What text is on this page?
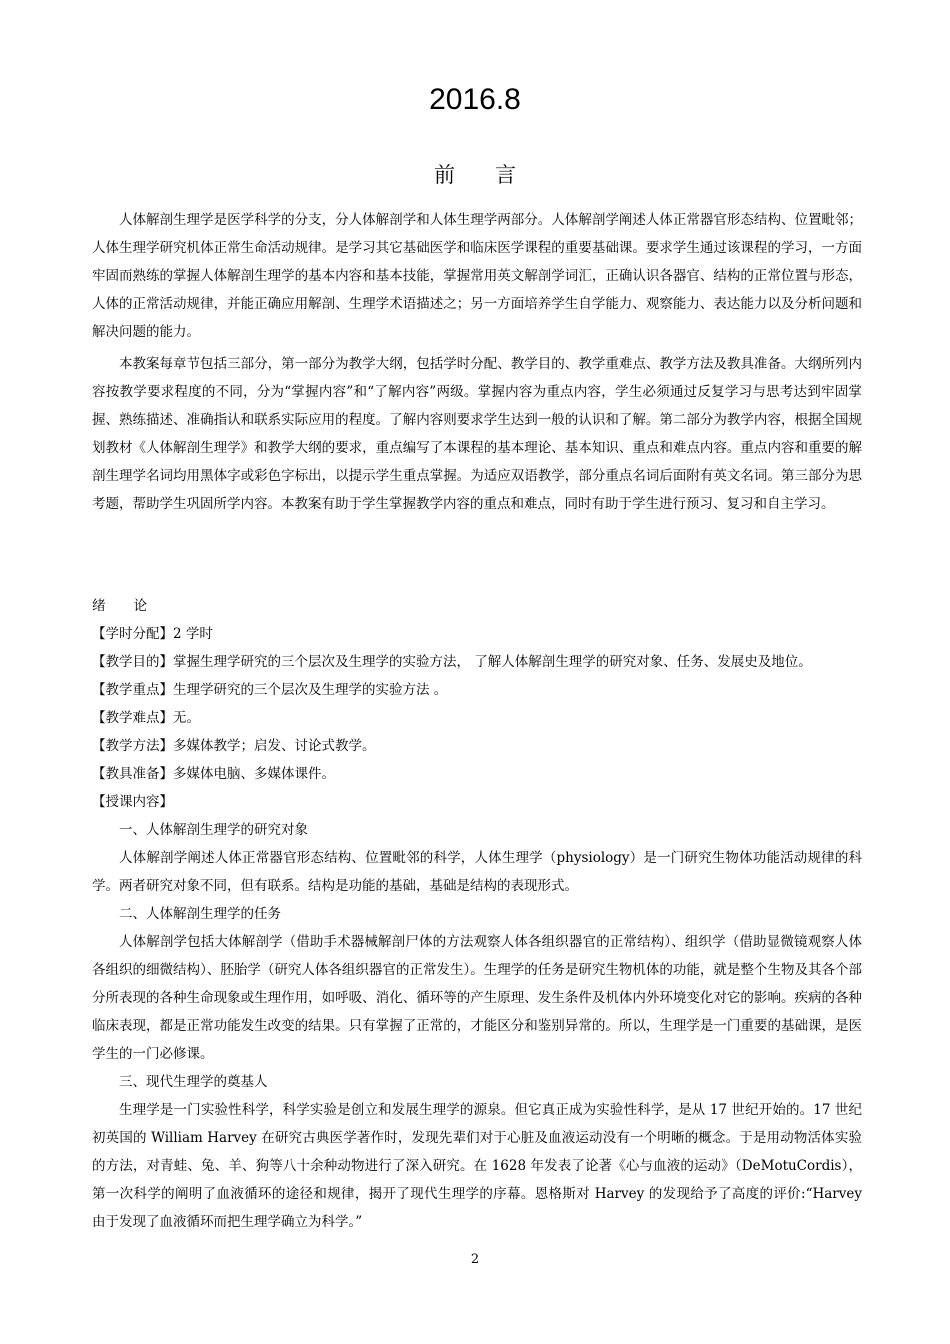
2016.8
前言

人体解剖生理学是医学科学的分支，分人体解剖学和人体生理学两部分。人体解剖学阐述人体正常器官形态结构、位置毗邻；人体生理学研究机体正常生命活动规律。是学习其它基础医学和临床医学课程的重要基础课。要求学生通过该课程的学习，一方面牢固而熟练的掌握人体解剖生理学的基本内容和基本技能，掌握常用英文解剖学词汇，正确认识各器官、结构的正常位置与形态，人体的正常活动规律，并能正确应用解剖、生理学术语描述之；另一方面培养学生自学能力、观察能力、表达能力以及分析问题和解决问题的能力。

本教案每章节包括三部分，第一部分为教学大纲，包括学时分配、教学目的、教学重难点、教学方法及教具准备。大纲所列内容按教学要求程度的不同，分为“掌握内容”和“了解内容”两级。掌握内容为重点内容，学生必须通过反复学习与思考达到牢固掌握、熟练描述、准确指认和联系实际应用的程度。了解内容则要求学生达到一般的认识和了解。第二部分为教学内容，根据全国规划教材《人体解剖生理学》和教学大纲的要求，重点编写了本课程的基本理论、基本知识、重点和难点内容。重点内容和重要的解剖生理学名词均用黑体字或彩色字标出，以提示学生重点掌握。为适应双语教学，部分重点名词后面附有英文名词。第三部分为思考题，帮助学生巩固所学内容。本教案有助于学生掌握教学内容的重点和难点，同时有助于学生进行预习、复习和自主学习。

绪论

【学时分配】2 学时

【教学目的】掌握生理学研究的三个层次及生理学的实验方法， 了解人体解剖生理学的研究对象、任务、发展史及地位。

【教学重点】生理学研究的三个层次及生理学的实验方法 。

【教学难点】无。

【教学方法】多媒体教学；启发、讨论式教学。

【教具准备】多媒体电脑、多媒体课件。

【授课内容】

一、人体解剖生理学的研究对象

人体解剖学阐述人体正常器官形态结构、位置毗邻的科学，人体生理学（physiology）是一门研究生物体功能活动规律的科学。两者研究对象不同，但有联系。结构是功能的基础，基础是结构的表现形式。

二、人体解剖生理学的任务

人体解剖学包括大体解剖学（借助手术器械解剖尸体的方法观察人体各组织器官的正常结构）、组织学（借助显微镜观察人体各组织的细微结构）、胚胎学（研究人体各组织器官的正常发生）。生理学的任务是研究生物机体的功能，就是整个生物及其各个部分所表现的各种生命现象或生理作用，如呼吸、消化、循环等的产生原理、发生条件及机体内外环境变化对它的影响。疾病的各种临床表现，都是正常功能发生改变的结果。只有掌握了正常的，才能区分和鉴别异常的。所以，生理学是一门重要的基础课，是医学生的一门必修课。

三、现代生理学的奠基人

生理学是一门实验性科学，科学实验是创立和发展生理学的源泉。但它真正成为实验性科学，是从 17 世纪开始的。17 世纪初英国的 William Harvey 在研究古典医学著作时，发现先辈们对于心脏及血液运动没有一个明晰的概念。于是用动物活体实验的方法，对青蛙、兔、羊、狗等八十余种动物进行了深入研究。在 1628 年发表了论著《心与血液的运动》（DeMotuCordis），第一次科学的阐明了血液循环的途径和规律，揭开了现代生理学的序幕。恩格斯对 Harvey 的发现给予了高度的评价:“Harvey 由于发现了血液循环而把生理学确立为科学。”

2
